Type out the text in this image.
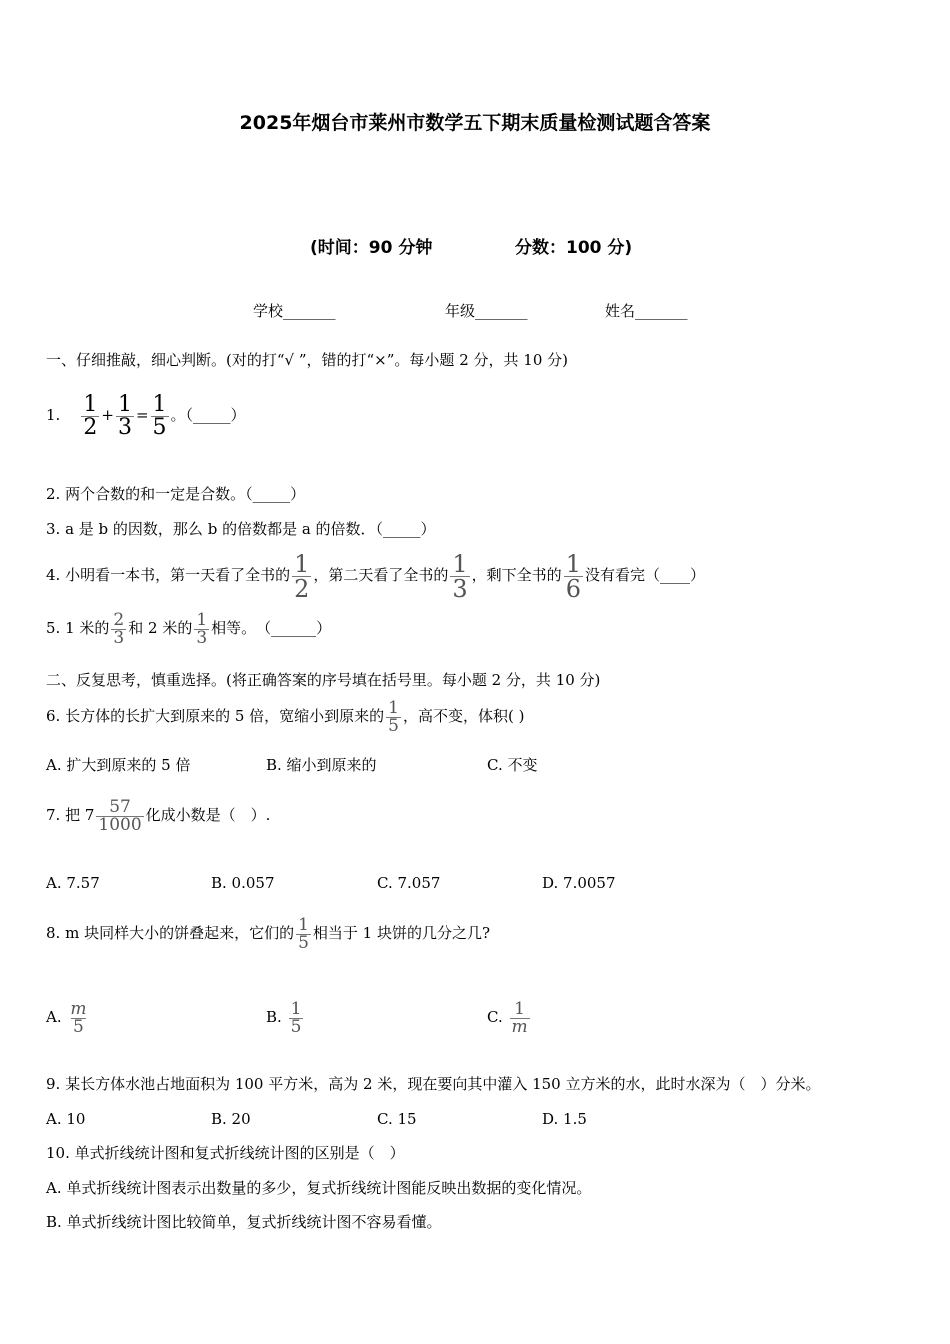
2025年烟台市莱州市数学五下期末质量检测试题含答案
(时间：90 分钟	分数：100 分)
学校_______	年级_______	姓名_______
一、仔细推敲，细心判断。(对的打“√ ”，错的打“×”。每小题 2 分，共 10 分)
1. $\frac{1}{2} + \frac{1}{3} = \frac{1}{5}$ 。（_____）
2. 两个合数的和一定是合数。（_____）
3. a 是 b 的因数，那么 b 的倍数都是 a 的倍数．（_____）
4. 小明看一本书，第一天看了全书的 $\frac{1}{2}$ ，第二天看了全书的 $\frac{1}{3}$ ，剩下全书的 $\frac{1}{6}$ 没有看完（____）
5. 1 米的 $\frac{2}{3}$ 和 2 米的 $\frac{1}{3}$ 相等。　（______）
二、反复思考，慎重选择。(将正确答案的序号填在括号里。每小题 2 分，共 10 分)
6. 长方体的长扩大到原来的 5 倍，宽缩小到原来的 $\frac{1}{5}$ ，高不变，体积( )
A. 扩大到原来的 5 倍	B. 缩小到原来的	C. 不变
7. 把 $7 \frac{57}{1000}$ 化成小数是（　）.
A. 7.57	B. 0.057	C. 7.057	D. 7.0057
8. m 块同样大小的饼叠起来，它们的 $\frac{1}{5}$ 相当于 1 块饼的几分之几?
A. $\frac{m}{5}$	B. $\frac{1}{5}$	C. $\frac{1}{m}$
9. 某长方体水池占地面积为 100 平方米，高为 2 米，现在要向其中灌入 150 立方米的水，此时水深为（　）分米。
A. 10	B. 20	C. 15	D. 1.5
10. 单式折线统计图和复式折线统计图的区别是（　）
A. 单式折线统计图表示出数量的多少，复式折线统计图能反映出数据的变化情况。
B. 单式折线统计图比较简单，复式折线统计图不容易看懂。
